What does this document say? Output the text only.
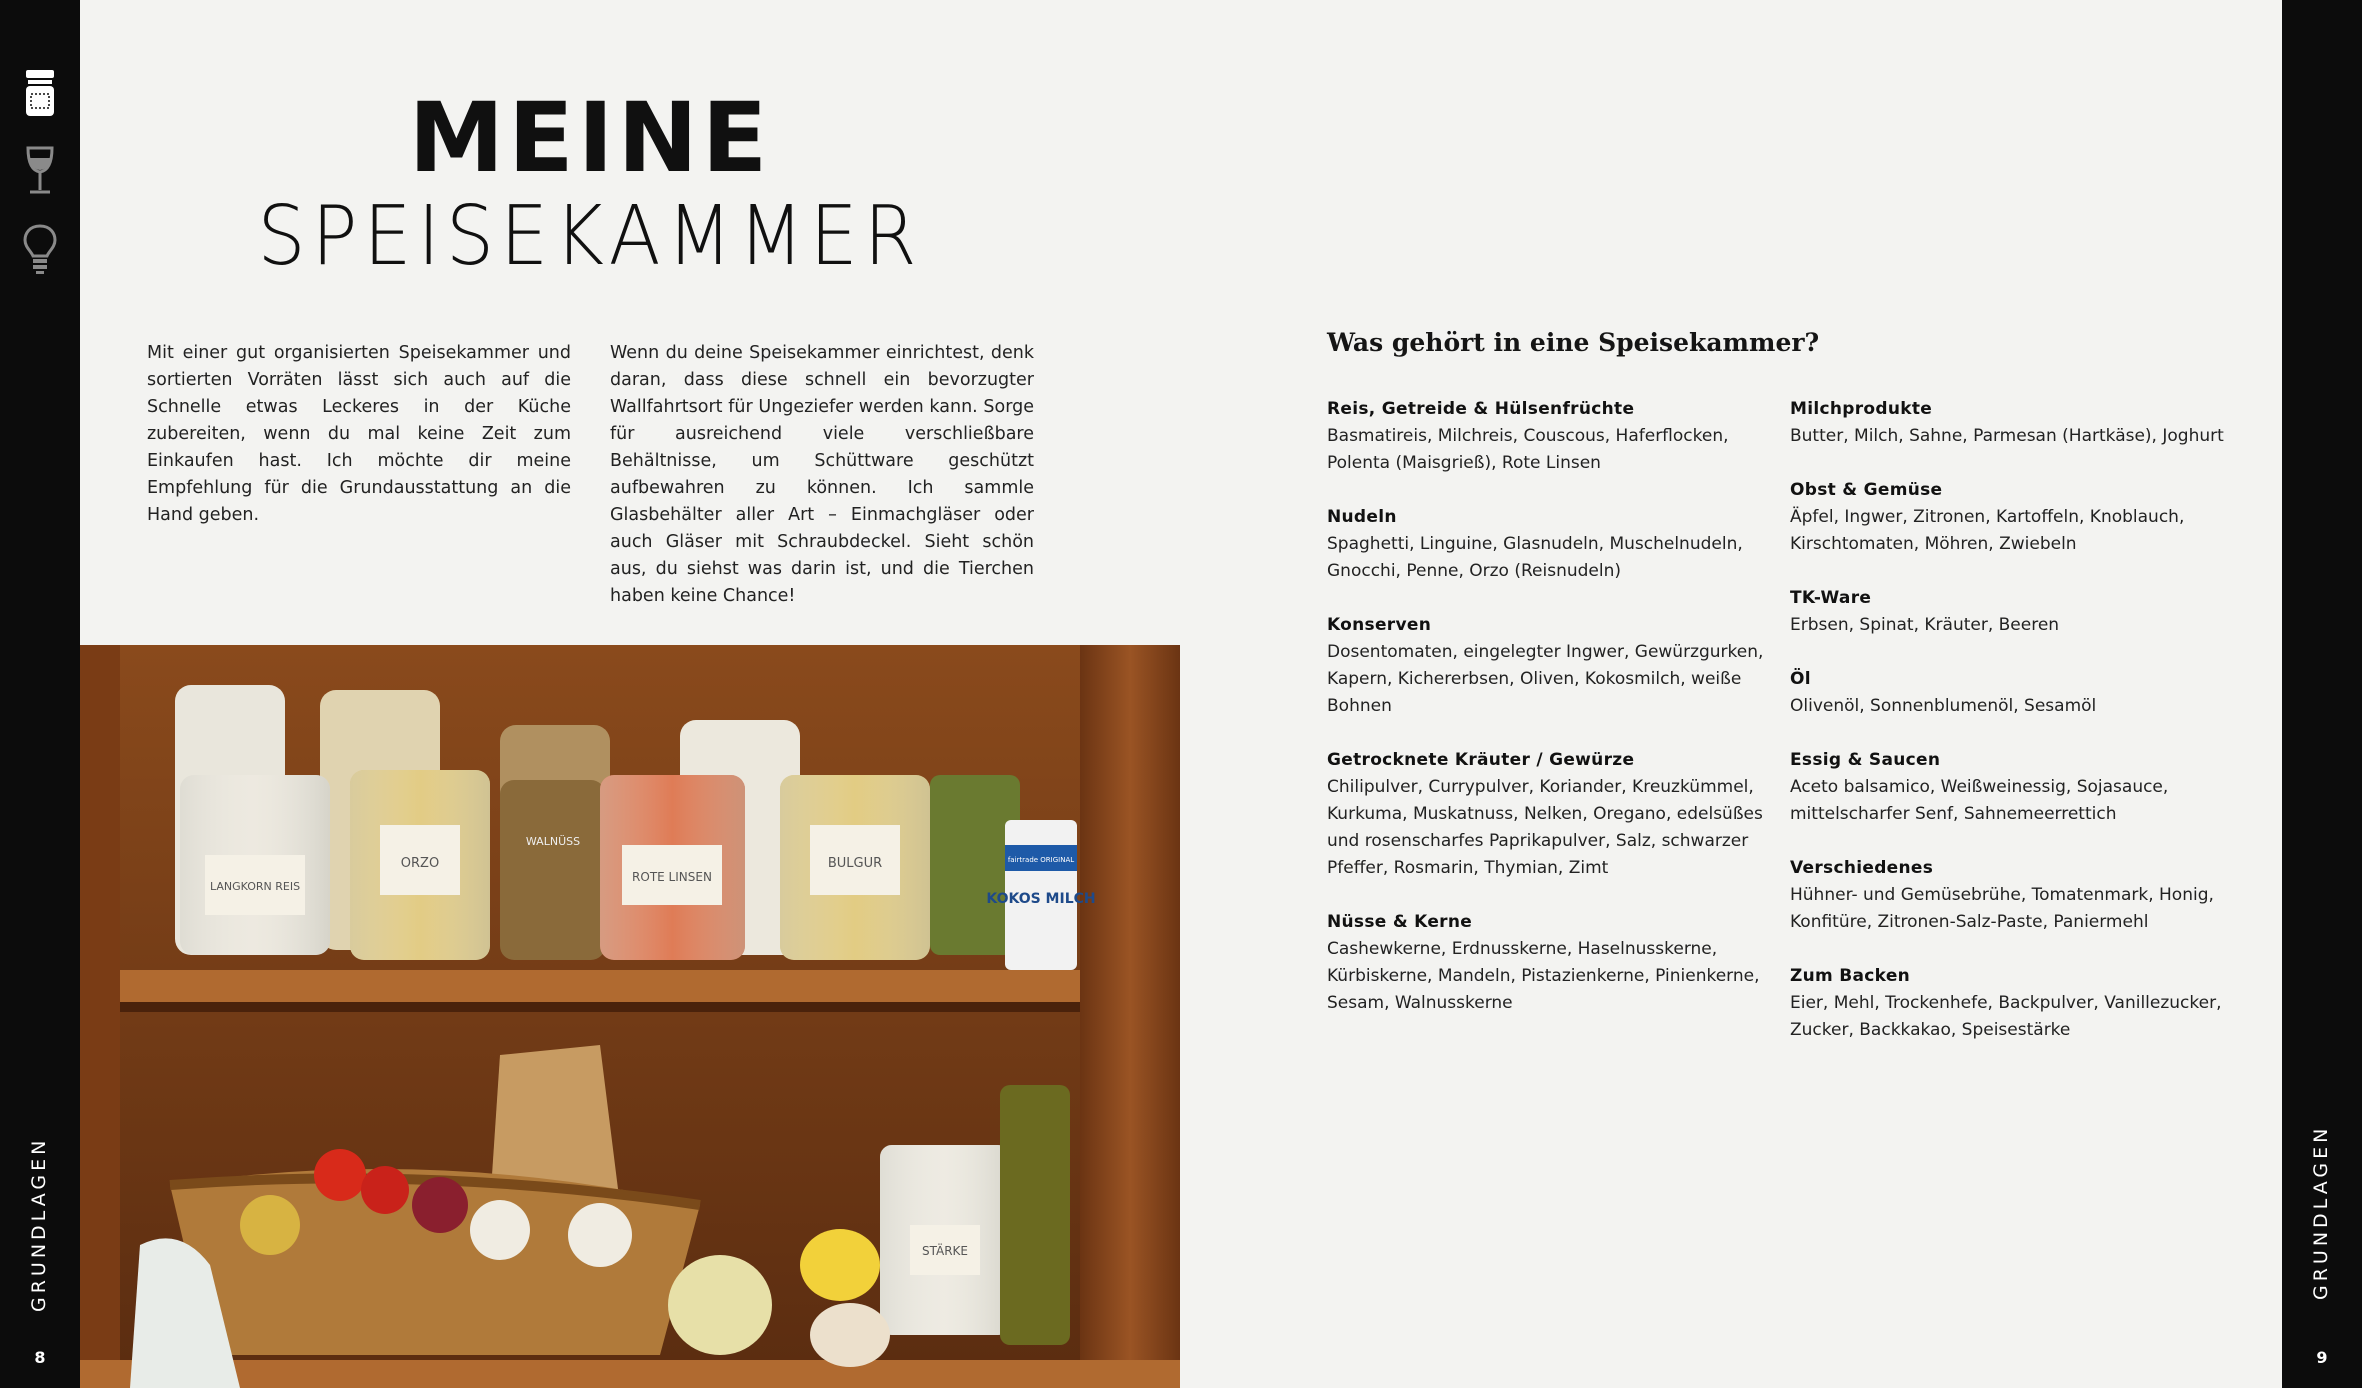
GRUNDLAGEN
8
GRUNDLAGEN
9
MEINE
SPEISEKAMMER
Mit einer gut organisierten Speisekammer und sortierten Vorräten lässt sich auch auf die Schnelle etwas Leckeres in der Küche zubereiten, wenn du mal keine Zeit zum Einkaufen hast. Ich möchte dir meine Empfehlung für die Grundausstattung an die Hand geben.
Wenn du deine Speisekammer einrichtest, denk daran, dass diese schnell ein bevorzugter Wallfahrtsort für Ungeziefer werden kann. Sorge für ausreichend viele verschließbare Behältnisse, um Schüttware geschützt aufbewahren zu können. Ich sammle Glasbehälter aller Art – Einmachgläser oder auch Gläser mit Schraubdeckel. Sieht schön aus, du siehst was darin ist, und die Tierchen haben keine Chance!
LANGKORN REIS
ORZO
WALNÜSS
ROTE LINSEN
BULGUR	fairtrade ORIGINAL
KOKOS MILCH
STÄRKE
Was gehört in eine Speisekammer?
Reis, Getreide & Hülsenfrüchte

Basmatireis, Milchreis, Couscous, Haferflocken, Polenta (Maisgrieß), Rote Linsen

Nudeln

Spaghetti, Linguine, Glasnudeln, Muschelnudeln, Gnocchi, Penne, Orzo (Reisnudeln)

Konserven

Dosentomaten, eingelegter Ingwer, Gewürzgurken, Kapern, Kichererbsen, Oliven, Kokosmilch, weiße Bohnen

Getrocknete Kräuter / Gewürze

Chilipulver, Currypulver, Koriander, Kreuzkümmel, Kurkuma, Muskatnuss, Nelken, Oregano, edelsüßes und rosenscharfes Paprikapulver, Salz, schwarzer Pfeffer, Rosmarin, Thymian, Zimt

Nüsse & Kerne

Cashewkerne, Erdnusskerne, Haselnusskerne, Kürbiskerne, Mandeln, Pistazienkerne, Pinienkerne, Sesam, Walnusskerne

Milchprodukte

Butter, Milch, Sahne, Parmesan (Hartkäse), Joghurt

Obst & Gemüse

Äpfel, Ingwer, Zitronen, Kartoffeln, Knoblauch, Kirschtomaten, Möhren, Zwiebeln

TK-Ware

Erbsen, Spinat, Kräuter, Beeren

Öl

Olivenöl, Sonnenblumenöl, Sesamöl

Essig & Saucen

Aceto balsamico, Weißweinessig, Sojasauce, mittelscharfer Senf, Sahnemeerrettich

Verschiedenes

Hühner- und Gemüsebrühe, Tomatenmark, Honig, Konfitüre, Zitronen-Salz-Paste, Paniermehl

Zum Backen

Eier, Mehl, Trockenhefe, Backpulver, Vanillezucker, Zucker, Backkakao, Speisestärke
